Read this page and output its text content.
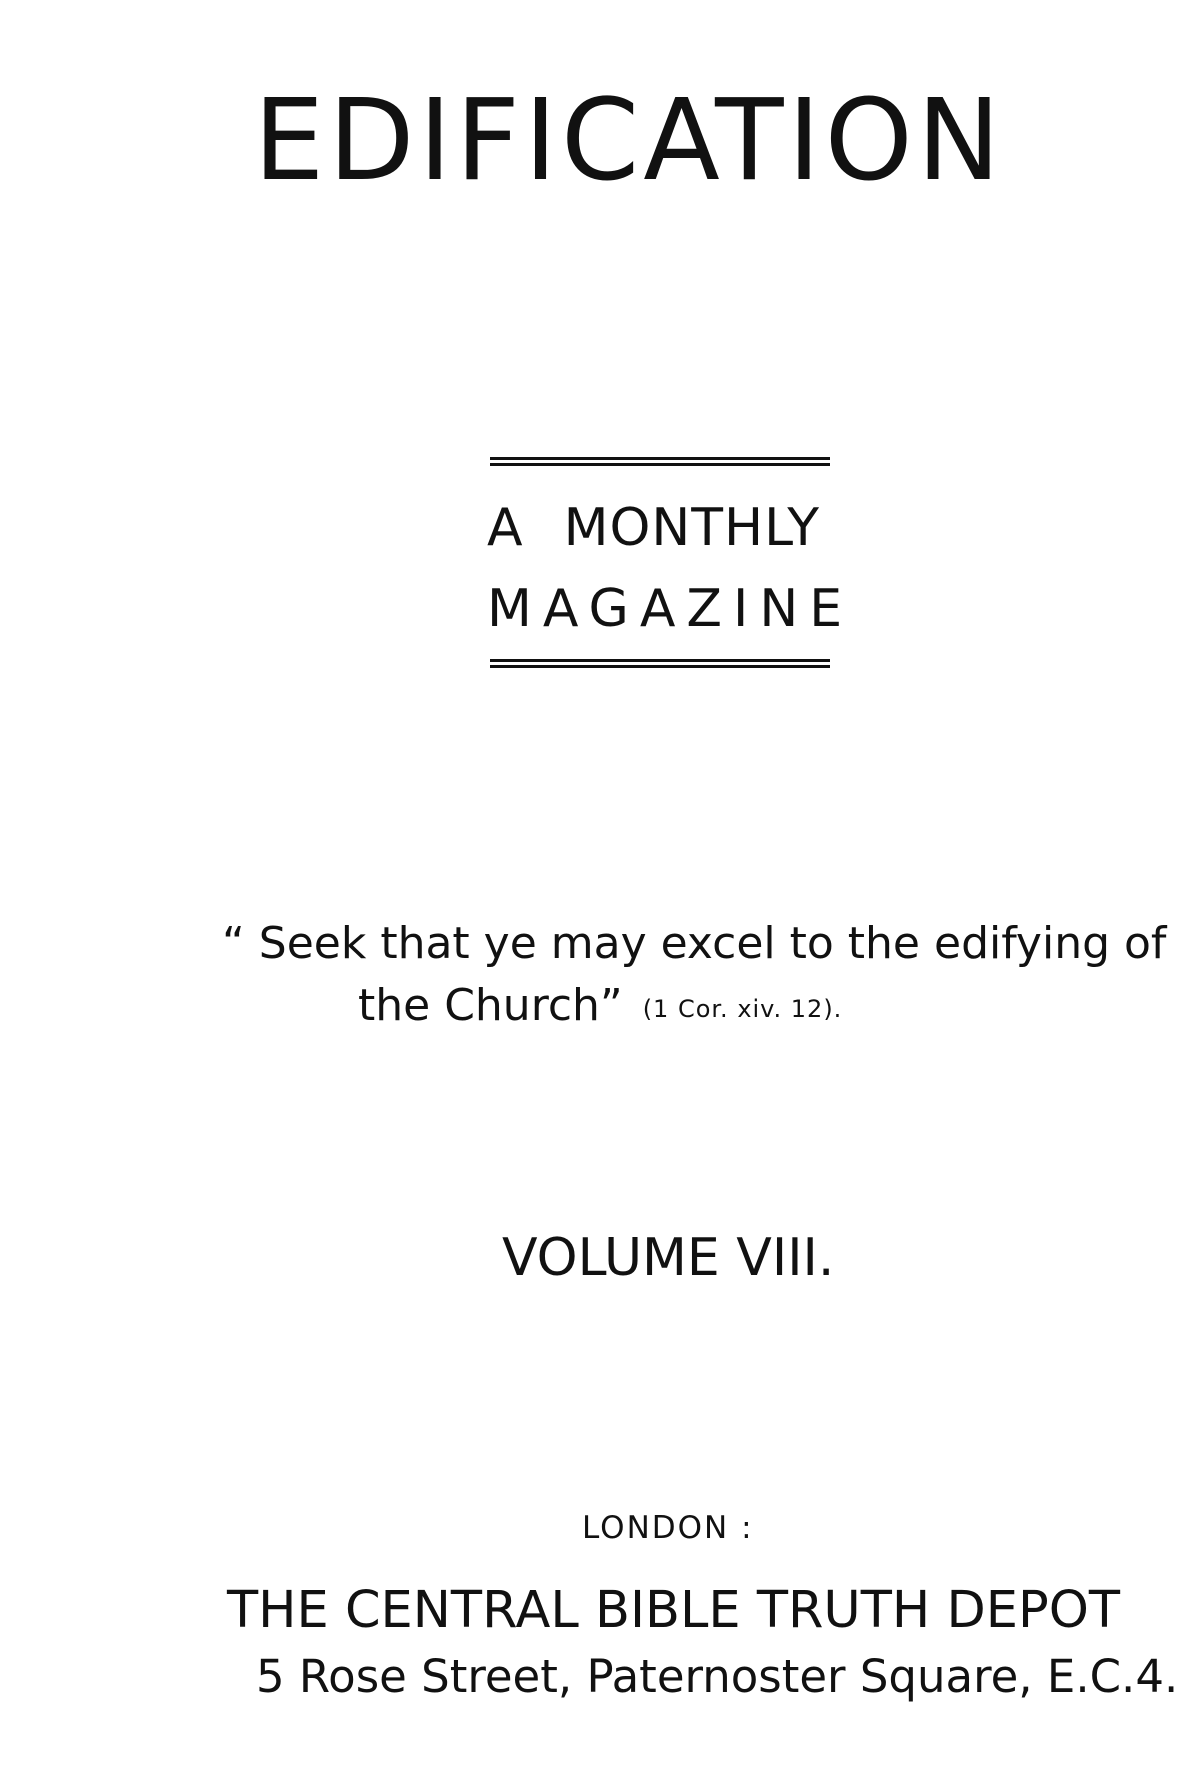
EDIFICATION
A MONTHLY
MAGAZINE
“ Seek that ye may excel to the edifying of
the Church” (1 Cor. xiv. 12).
VOLUME VIII.
LONDON :
THE CENTRAL BIBLE TRUTH DEPOT
5 Rose Street, Paternoster Square, E.C.4.
